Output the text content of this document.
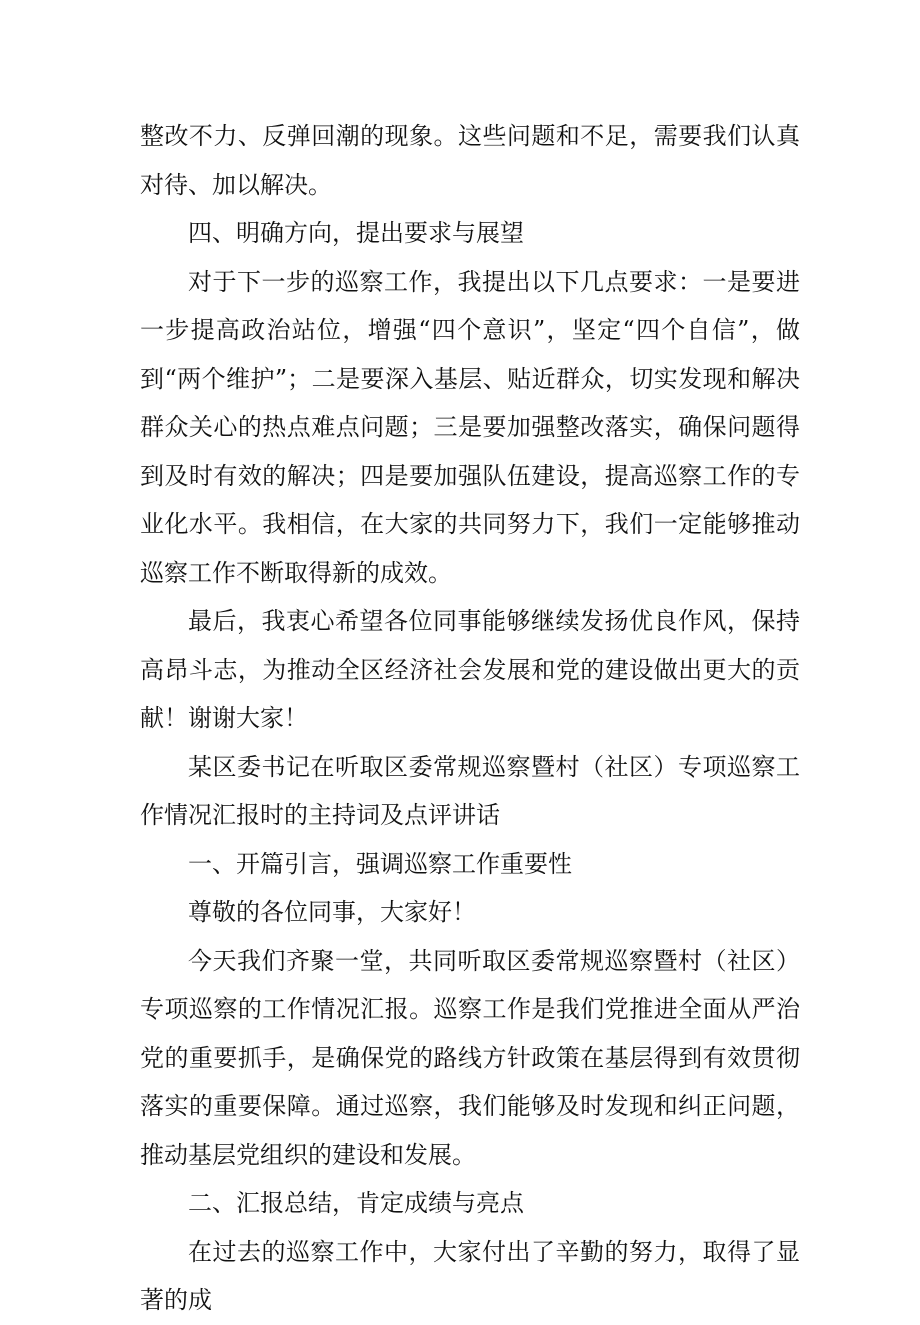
整改不力、反弹回潮的现象。这些问题和不足，需要我们认真对待、加以解决。

四、明确方向，提出要求与展望

对于下一步的巡察工作，我提出以下几点要求：一是要进一步提高政治站位，增强“四个意识”，坚定“四个自信”，做到“两个维护”；二是要深入基层、贴近群众，切实发现和解决群众关心的热点难点问题；三是要加强整改落实，确保问题得到及时有效的解决；四是要加强队伍建设，提高巡察工作的专业化水平。我相信，在大家的共同努力下，我们一定能够推动巡察工作不断取得新的成效。

最后，我衷心希望各位同事能够继续发扬优良作风，保持高昂斗志，为推动全区经济社会发展和党的建设做出更大的贡献！谢谢大家！

某区委书记在听取区委常规巡察暨村（社区）专项巡察工作情况汇报时的主持词及点评讲话

一、开篇引言，强调巡察工作重要性

尊敬的各位同事，大家好！

今天我们齐聚一堂，共同听取区委常规巡察暨村（社区）专项巡察的工作情况汇报。巡察工作是我们党推进全面从严治党的重要抓手，是确保党的路线方针政策在基层得到有效贯彻落实的重要保障。通过巡察，我们能够及时发现和纠正问题，推动基层党组织的建设和发展。

二、汇报总结，肯定成绩与亮点

在过去的巡察工作中，大家付出了辛勤的努力，取得了显著的成
